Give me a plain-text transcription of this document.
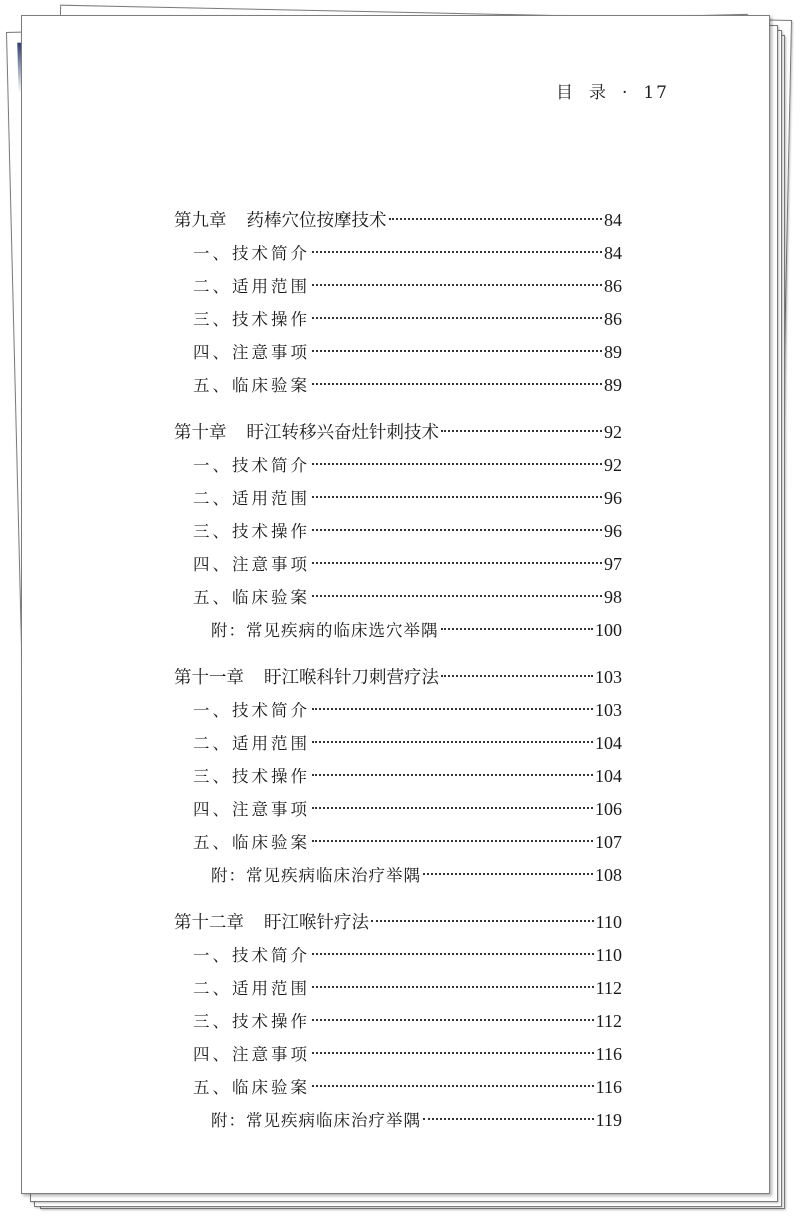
目 录 · 17
第九章 药棒穴位按摩技术	84
一、技术简介	84
二、适用范围	86
三、技术操作	86
四、注意事项	89
五、临床验案	89
第十章 盱江转移兴奋灶针刺技术	92
一、技术简介	92
二、适用范围	96
三、技术操作	96
四、注意事项	97
五、临床验案	98
附：常见疾病的临床选穴举隅	100
第十一章 盱江喉科针刀刺营疗法	103
一、技术简介	103
二、适用范围	104
三、技术操作	104
四、注意事项	106
五、临床验案	107
附：常见疾病临床治疗举隅	108
第十二章 盱江喉针疗法	110
一、技术简介	110
二、适用范围	112
三、技术操作	112
四、注意事项	116
五、临床验案	116
附：常见疾病临床治疗举隅	119
